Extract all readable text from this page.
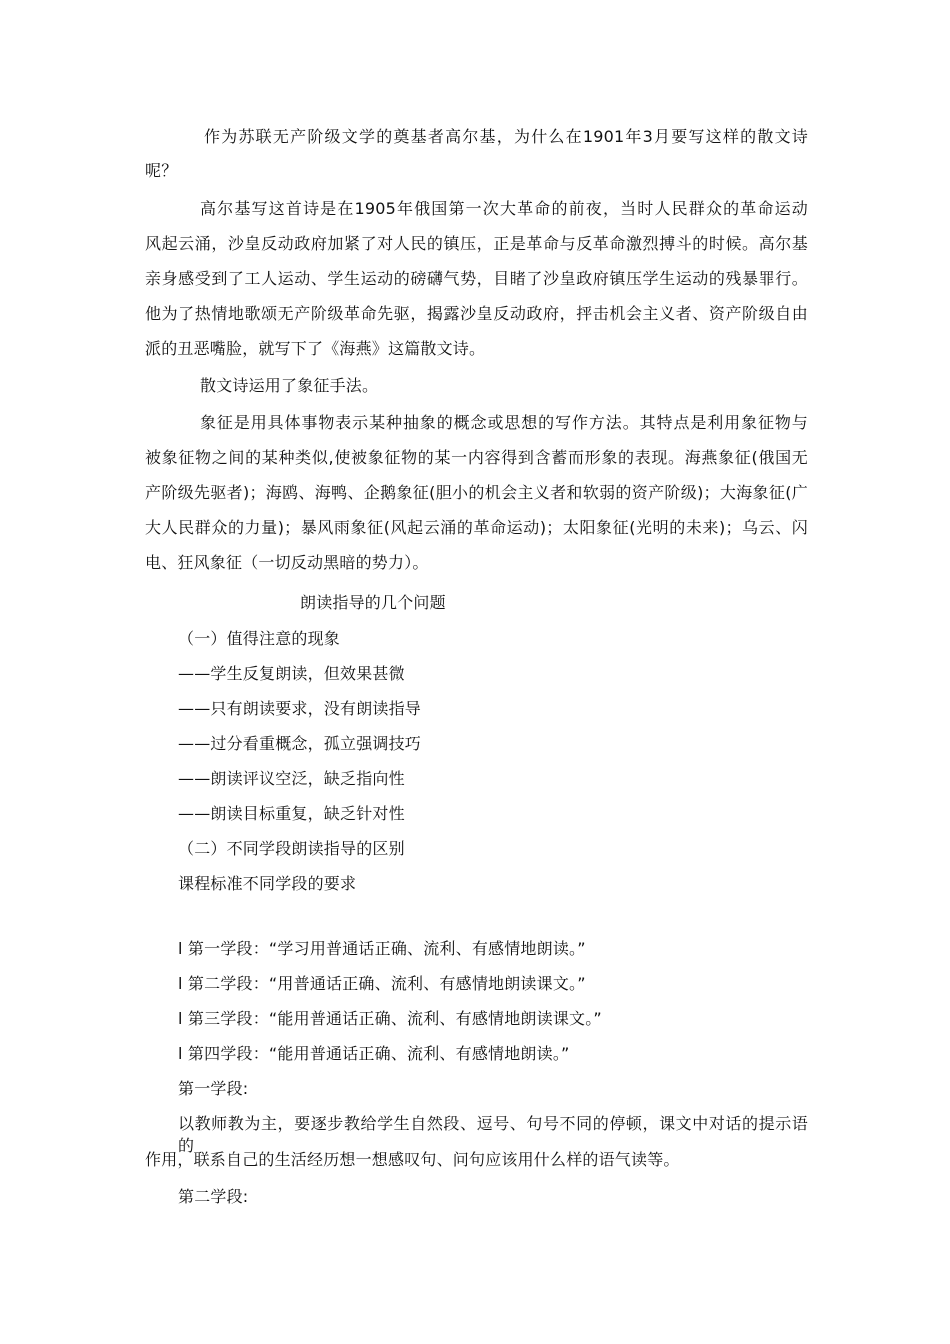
作为苏联无产阶级文学的奠基者高尔基，为什么在1901年3月要写这样的散文诗
呢？
高尔基写这首诗是在1905年俄国第一次大革命的前夜，当时人民群众的革命运动
风起云涌，沙皇反动政府加紧了对人民的镇压，正是革命与反革命激烈搏斗的时候。高尔基
亲身感受到了工人运动、学生运动的磅礴气势，目睹了沙皇政府镇压学生运动的残暴罪行。
他为了热情地歌颂无产阶级革命先驱，揭露沙皇反动政府，抨击机会主义者、资产阶级自由
派的丑恶嘴脸，就写下了《海燕》这篇散文诗。
散文诗运用了象征手法。
象征是用具体事物表示某种抽象的概念或思想的写作方法。其特点是利用象征物与
被象征物之间的某种类似,使被象征物的某一内容得到含蓄而形象的表现。海燕象征(俄国无
产阶级先驱者)；海鸥、海鸭、企鹅象征(胆小的机会主义者和软弱的资产阶级)；大海象征(广
大人民群众的力量)；暴风雨象征(风起云涌的革命运动)；太阳象征(光明的未来)；乌云、闪
电、狂风象征（一切反动黑暗的势力）。
朗读指导的几个问题
（一）值得注意的现象
——学生反复朗读，但效果甚微
——只有朗读要求，没有朗读指导
——过分看重概念，孤立强调技巧
——朗读评议空泛，缺乏指向性
——朗读目标重复，缺乏针对性
（二）不同学段朗读指导的区别
课程标准不同学段的要求
l 第一学段：“学习用普通话正确、流利、有感情地朗读。”
l 第二学段：“用普通话正确、流利、有感情地朗读课文。”
l 第三学段：“能用普通话正确、流利、有感情地朗读课文。”
l 第四学段：“能用普通话正确、流利、有感情地朗读。”
第一学段:
以教师教为主，要逐步教给学生自然段、逗号、句号不同的停顿，课文中对话的提示语的
作用，联系自己的生活经历想一想感叹句、问句应该用什么样的语气读等。
第二学段:
